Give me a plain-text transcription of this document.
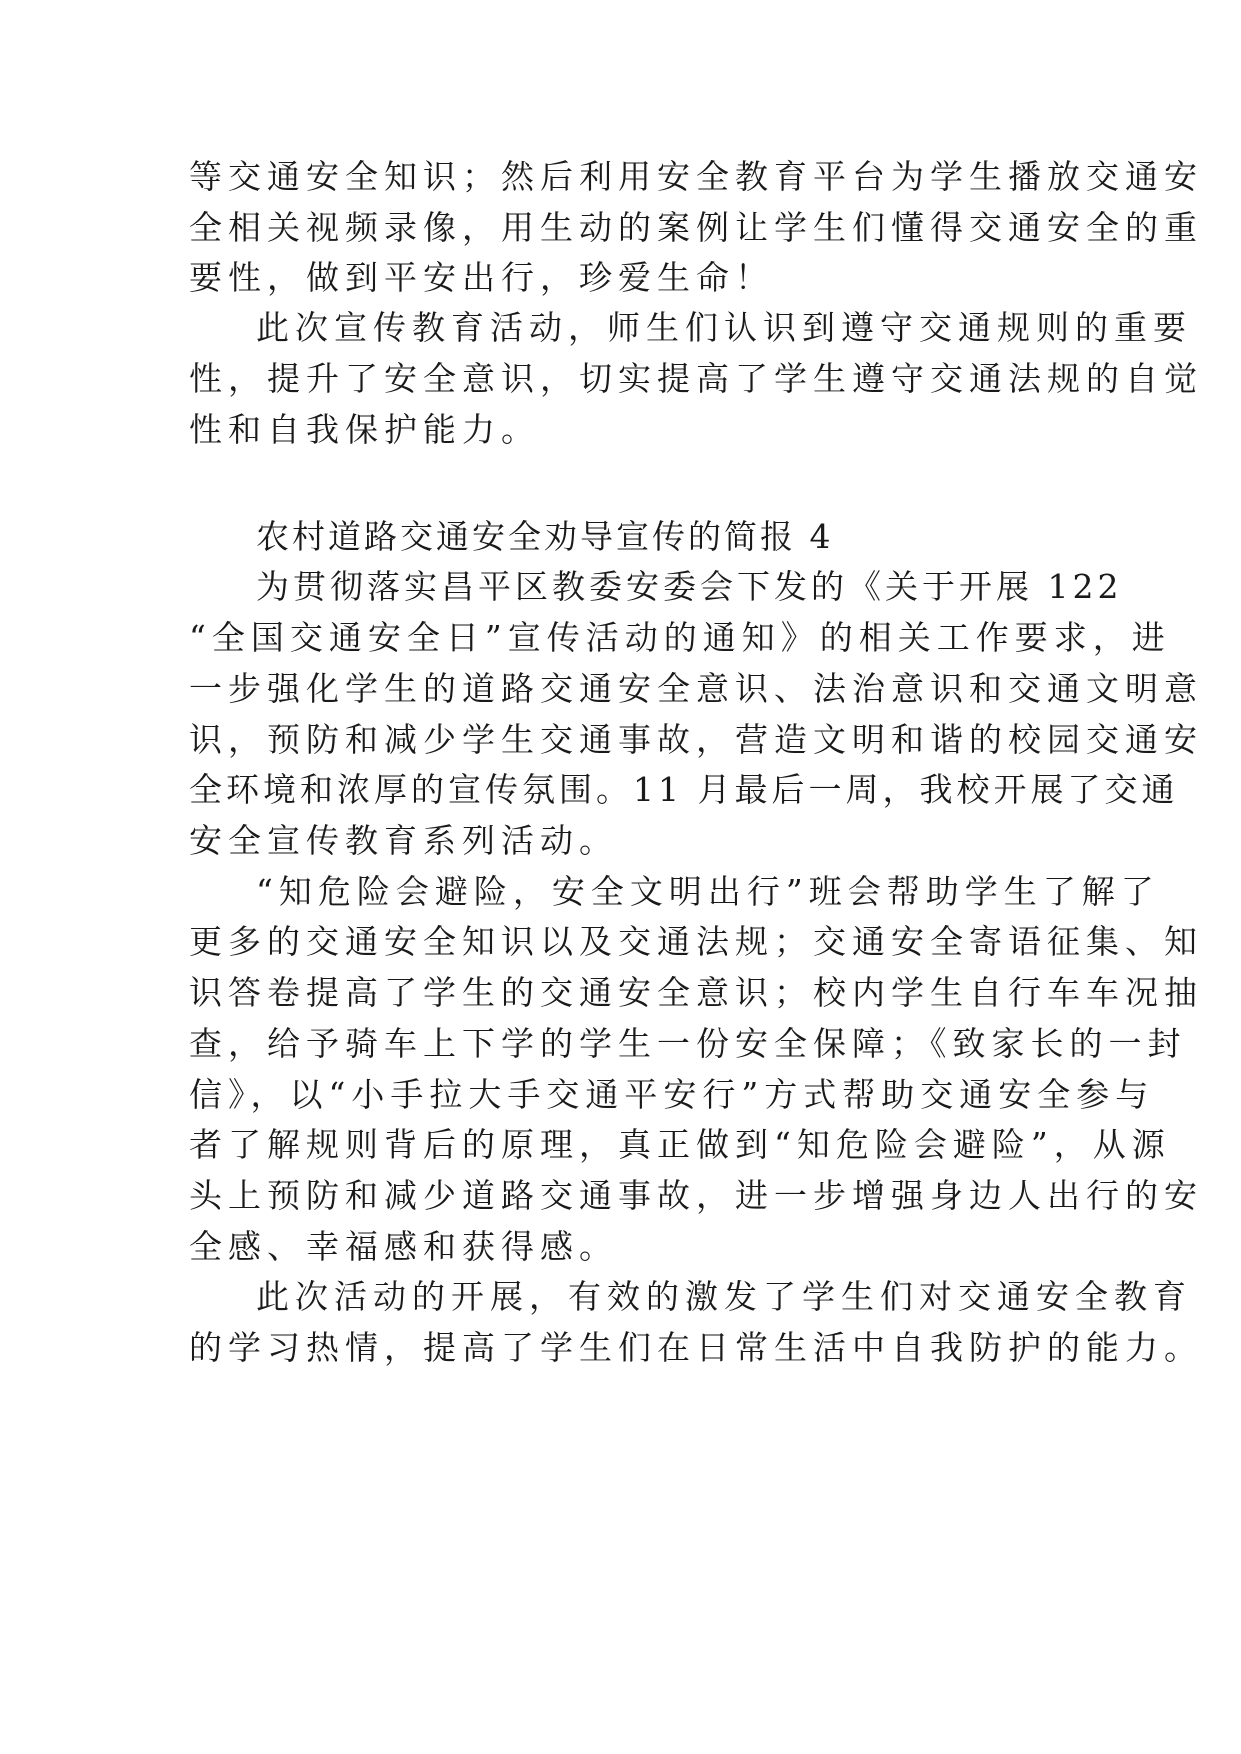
等交通安全知识；然后利用安全教育平台为学生播放交通安

全相关视频录像，用生动的案例让学生们懂得交通安全的重

要性，做到平安出行，珍爱生命！

此次宣传教育活动，师生们认识到遵守交通规则的重要

性，提升了安全意识，切实提高了学生遵守交通法规的自觉

性和自我保护能力。

农村道路交通安全劝导宣传的简报 4

为贯彻落实昌平区教委安委会下发的《关于开展 122

“全国交通安全日”宣传活动的通知》的相关工作要求，进

一步强化学生的道路交通安全意识、法治意识和交通文明意

识，预防和减少学生交通事故，营造文明和谐的校园交通安

全环境和浓厚的宣传氛围。11 月最后一周，我校开展了交通

安全宣传教育系列活动。

“知危险会避险，安全文明出行”班会帮助学生了解了

更多的交通安全知识以及交通法规；交通安全寄语征集、知

识答卷提高了学生的交通安全意识；校内学生自行车车况抽

查，给予骑车上下学的学生一份安全保障；《致家长的一封

信》，以“小手拉大手交通平安行”方式帮助交通安全参与

者了解规则背后的原理，真正做到“知危险会避险”，从源

头上预防和减少道路交通事故，进一步增强身边人出行的安

全感、幸福感和获得感。

此次活动的开展，有效的激发了学生们对交通安全教育

的学习热情，提高了学生们在日常生活中自我防护的能力。
